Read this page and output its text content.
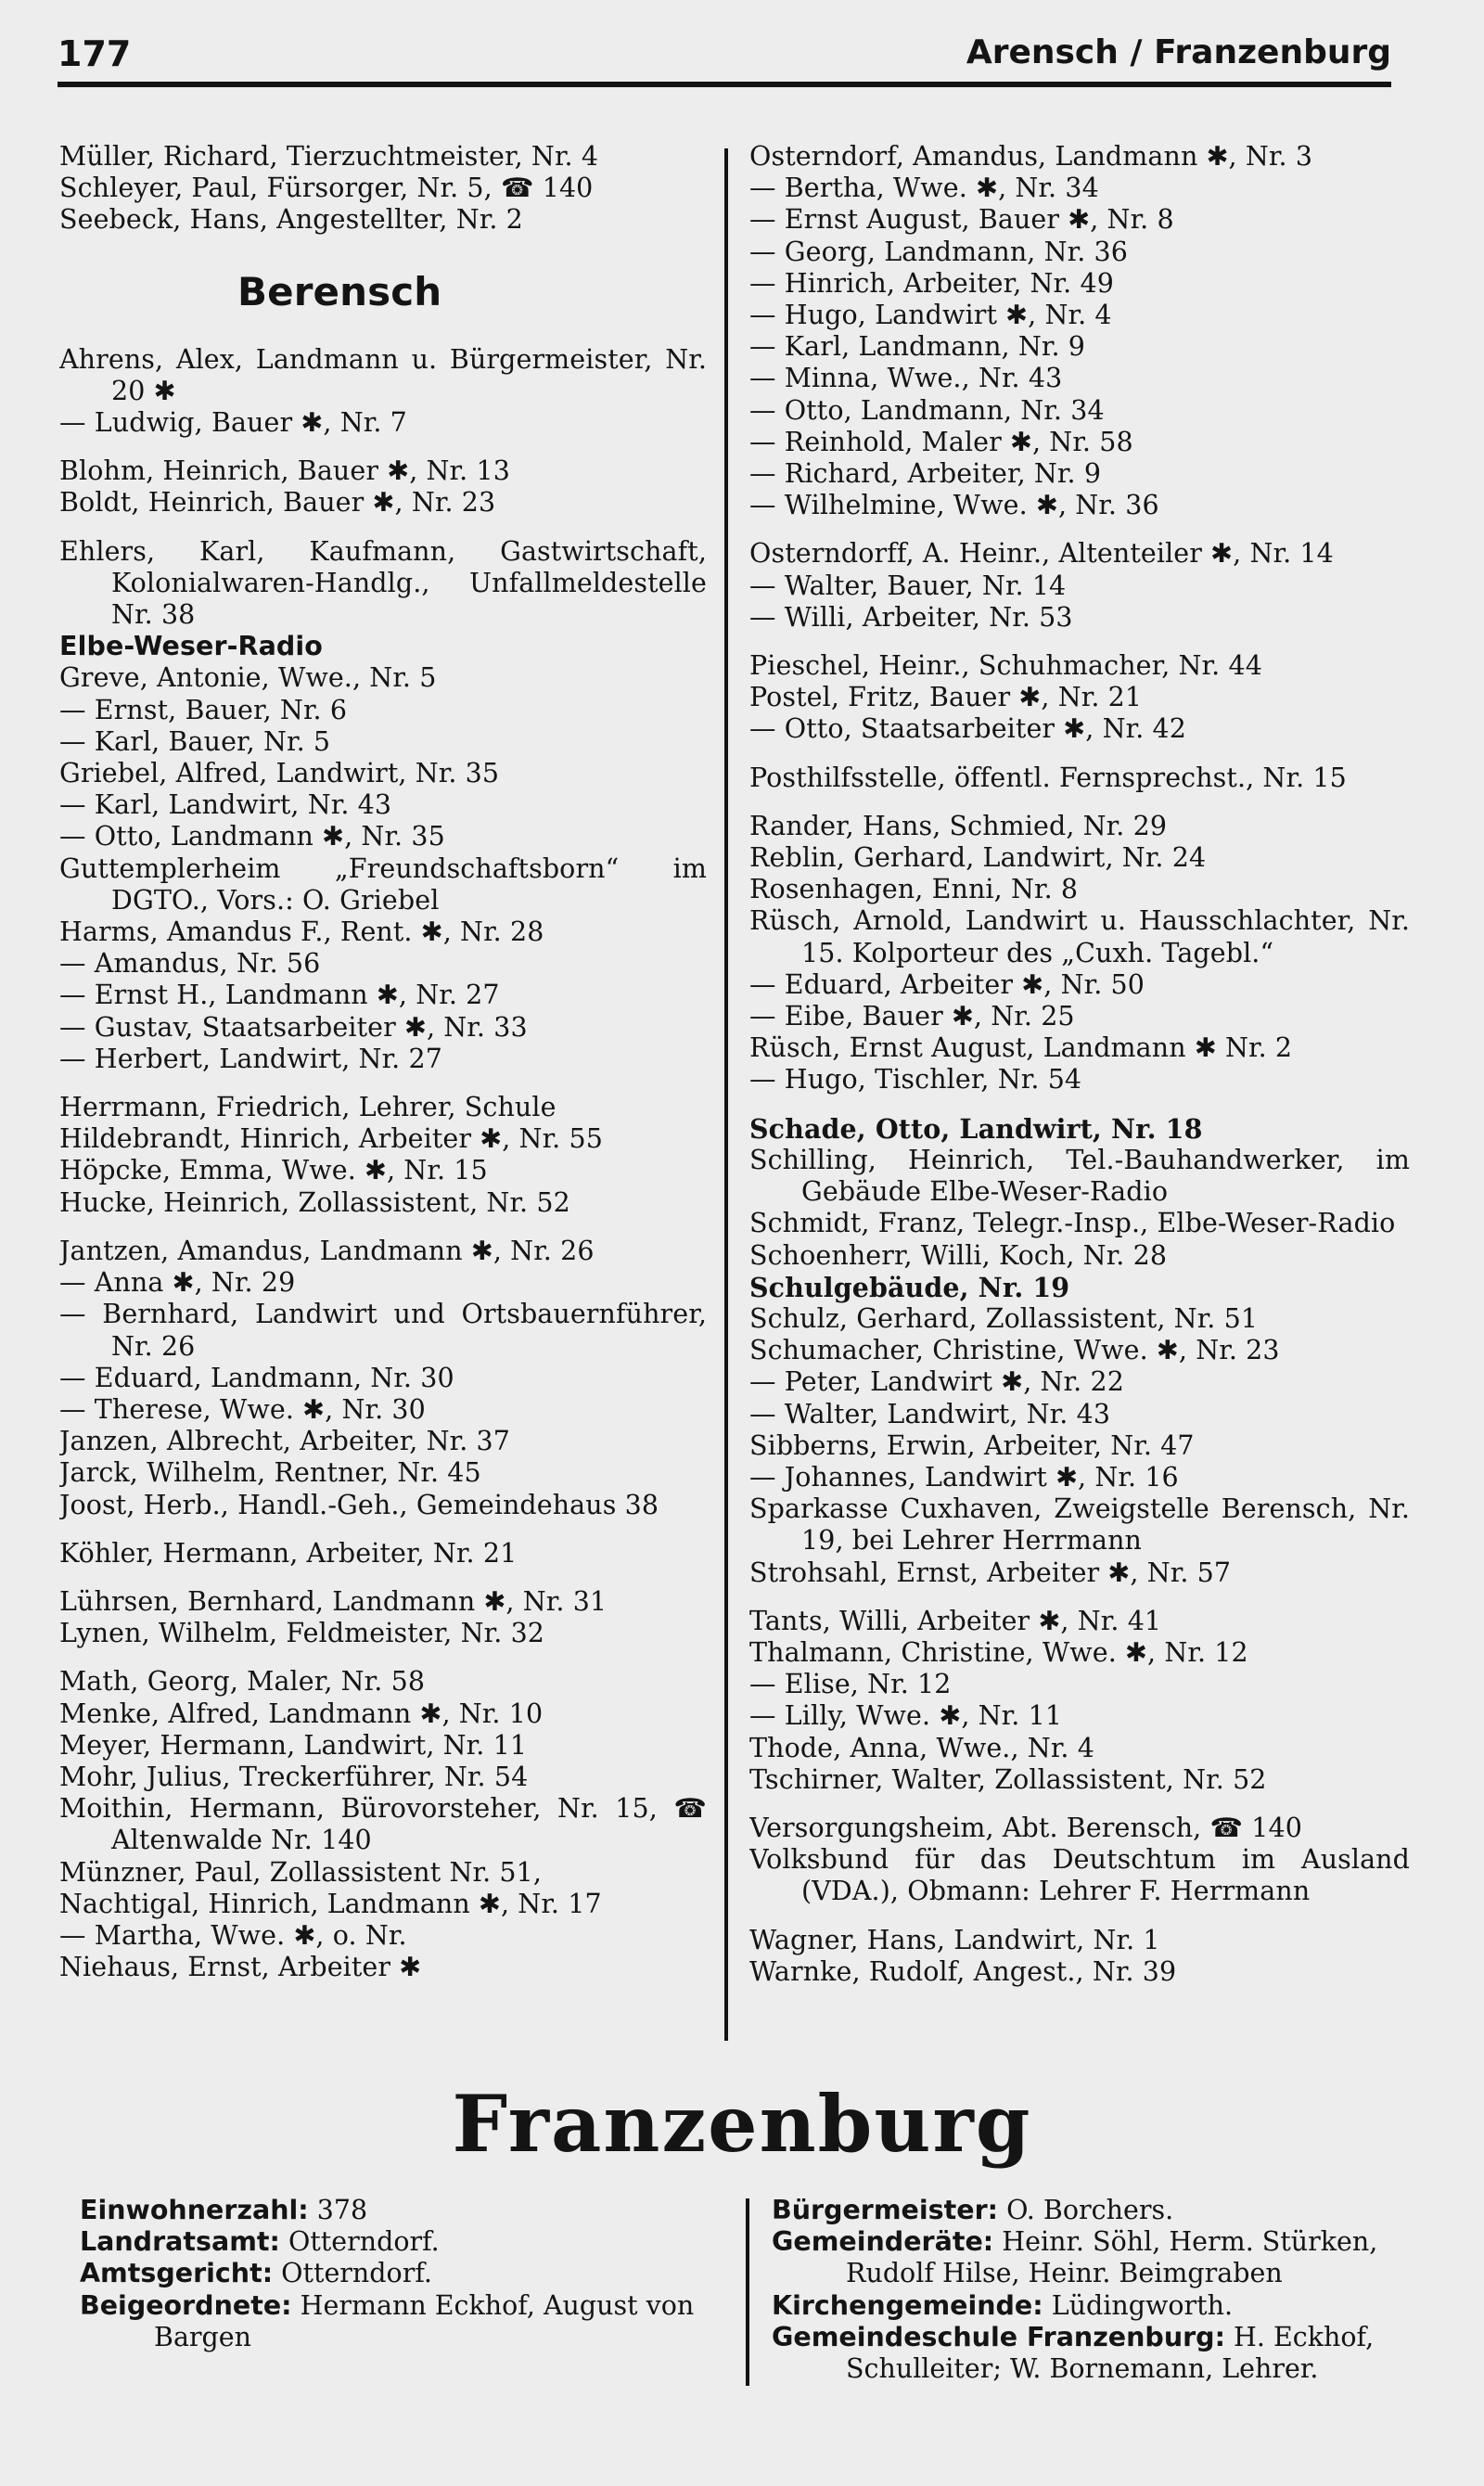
177	Arensch / Franzenburg
Müller, Richard, Tierzuchtmeister, Nr. 4
Schleyer, Paul, Fürsorger, Nr. 5, ☎ 140
Seebeck, Hans, Angestellter, Nr. 2
Berensch
Ahrens, Alex, Landmann u. Bürgermeister, Nr. 20 ✱
— Ludwig, Bauer ✱, Nr. 7
Blohm, Heinrich, Bauer ✱, Nr. 13
Boldt, Heinrich, Bauer ✱, Nr. 23
Ehlers, Karl, Kaufmann, Gastwirtschaft, Kolonialwaren-Handlg., Unfallmeldestelle Nr. 38
Elbe-Weser-Radio
Greve, Antonie, Wwe., Nr. 5
— Ernst, Bauer, Nr. 6
— Karl, Bauer, Nr. 5
Griebel, Alfred, Landwirt, Nr. 35
— Karl, Landwirt, Nr. 43
— Otto, Landmann ✱, Nr. 35
Guttemplerheim „Freundschaftsborn“ im DGTO., Vors.: O. Griebel
Harms, Amandus F., Rent. ✱, Nr. 28
— Amandus, Nr. 56
— Ernst H., Landmann ✱, Nr. 27
— Gustav, Staatsarbeiter ✱, Nr. 33
— Herbert, Landwirt, Nr. 27
Herrmann, Friedrich, Lehrer, Schule
Hildebrandt, Hinrich, Arbeiter ✱, Nr. 55
Höpcke, Emma, Wwe. ✱, Nr. 15
Hucke, Heinrich, Zollassistent, Nr. 52
Jantzen, Amandus, Landmann ✱, Nr. 26
— Anna ✱, Nr. 29
— Bernhard, Landwirt und Ortsbauernführer, Nr. 26
— Eduard, Landmann, Nr. 30
— Therese, Wwe. ✱, Nr. 30
Janzen, Albrecht, Arbeiter, Nr. 37
Jarck, Wilhelm, Rentner, Nr. 45
Joost, Herb., Handl.-Geh., Gemeindehaus 38
Köhler, Hermann, Arbeiter, Nr. 21
Lührsen, Bernhard, Landmann ✱, Nr. 31
Lynen, Wilhelm, Feldmeister, Nr. 32
Math, Georg, Maler, Nr. 58
Menke, Alfred, Landmann ✱, Nr. 10
Meyer, Hermann, Landwirt, Nr. 11
Mohr, Julius, Treckerführer, Nr. 54
Moithin, Hermann, Bürovorsteher, Nr. 15, ☎ Altenwalde Nr. 140
Münzner, Paul, Zollassistent Nr. 51,
Nachtigal, Hinrich, Landmann ✱, Nr. 17
— Martha, Wwe. ✱, o. Nr.
Niehaus, Ernst, Arbeiter ✱
Osterndorf, Amandus, Landmann ✱, Nr. 3
— Bertha, Wwe. ✱, Nr. 34
— Ernst August, Bauer ✱, Nr. 8
— Georg, Landmann, Nr. 36
— Hinrich, Arbeiter, Nr. 49
— Hugo, Landwirt ✱, Nr. 4
— Karl, Landmann, Nr. 9
— Minna, Wwe., Nr. 43
— Otto, Landmann, Nr. 34
— Reinhold, Maler ✱, Nr. 58
— Richard, Arbeiter, Nr. 9
— Wilhelmine, Wwe. ✱, Nr. 36
Osterndorff, A. Heinr., Altenteiler ✱, Nr. 14
— Walter, Bauer, Nr. 14
— Willi, Arbeiter, Nr. 53
Pieschel, Heinr., Schuhmacher, Nr. 44
Postel, Fritz, Bauer ✱, Nr. 21
— Otto, Staatsarbeiter ✱, Nr. 42
Posthilfsstelle, öffentl. Fernsprechst., Nr. 15
Rander, Hans, Schmied, Nr. 29
Reblin, Gerhard, Landwirt, Nr. 24
Rosenhagen, Enni, Nr. 8
Rüsch, Arnold, Landwirt u. Hausschlachter, Nr. 15. Kolporteur des „Cuxh. Tagebl.“
— Eduard, Arbeiter ✱, Nr. 50
— Eibe, Bauer ✱, Nr. 25
Rüsch, Ernst August, Landmann ✱ Nr. 2
— Hugo, Tischler, Nr. 54
Schade, Otto, Landwirt, Nr. 18
Schilling, Heinrich, Tel.-Bauhandwerker, im Gebäude Elbe-Weser-Radio
Schmidt, Franz, Telegr.-Insp., Elbe-Weser-Radio
Schoenherr, Willi, Koch, Nr. 28
Schulgebäude, Nr. 19
Schulz, Gerhard, Zollassistent, Nr. 51
Schumacher, Christine, Wwe. ✱, Nr. 23
— Peter, Landwirt ✱, Nr. 22
— Walter, Landwirt, Nr. 43
Sibberns, Erwin, Arbeiter, Nr. 47
— Johannes, Landwirt ✱, Nr. 16
Sparkasse Cuxhaven, Zweigstelle Berensch, Nr. 19, bei Lehrer Herrmann
Strohsahl, Ernst, Arbeiter ✱, Nr. 57
Tants, Willi, Arbeiter ✱, Nr. 41
Thalmann, Christine, Wwe. ✱, Nr. 12
— Elise, Nr. 12
— Lilly, Wwe. ✱, Nr. 11
Thode, Anna, Wwe., Nr. 4
Tschirner, Walter, Zollassistent, Nr. 52
Versorgungsheim, Abt. Berensch, ☎ 140
Volksbund für das Deutschtum im Ausland (VDA.), Obmann: Lehrer F. Herrmann
Wagner, Hans, Landwirt, Nr. 1
Warnke, Rudolf, Angest., Nr. 39
Franzenburg
Einwohnerzahl: 378
Landratsamt: Otterndorf.
Amtsgericht: Otterndorf.
Beigeordnete: Hermann Eckhof, August von
Bargen
Bürgermeister: O. Borchers.
Gemeinderäte: Heinr. Söhl, Herm. Stürken,
Rudolf Hilse, Heinr. Beimgraben
Kirchengemeinde: Lüdingworth.
Gemeindeschule Franzenburg: H. Eckhof,
Schulleiter; W. Bornemann, Lehrer.
